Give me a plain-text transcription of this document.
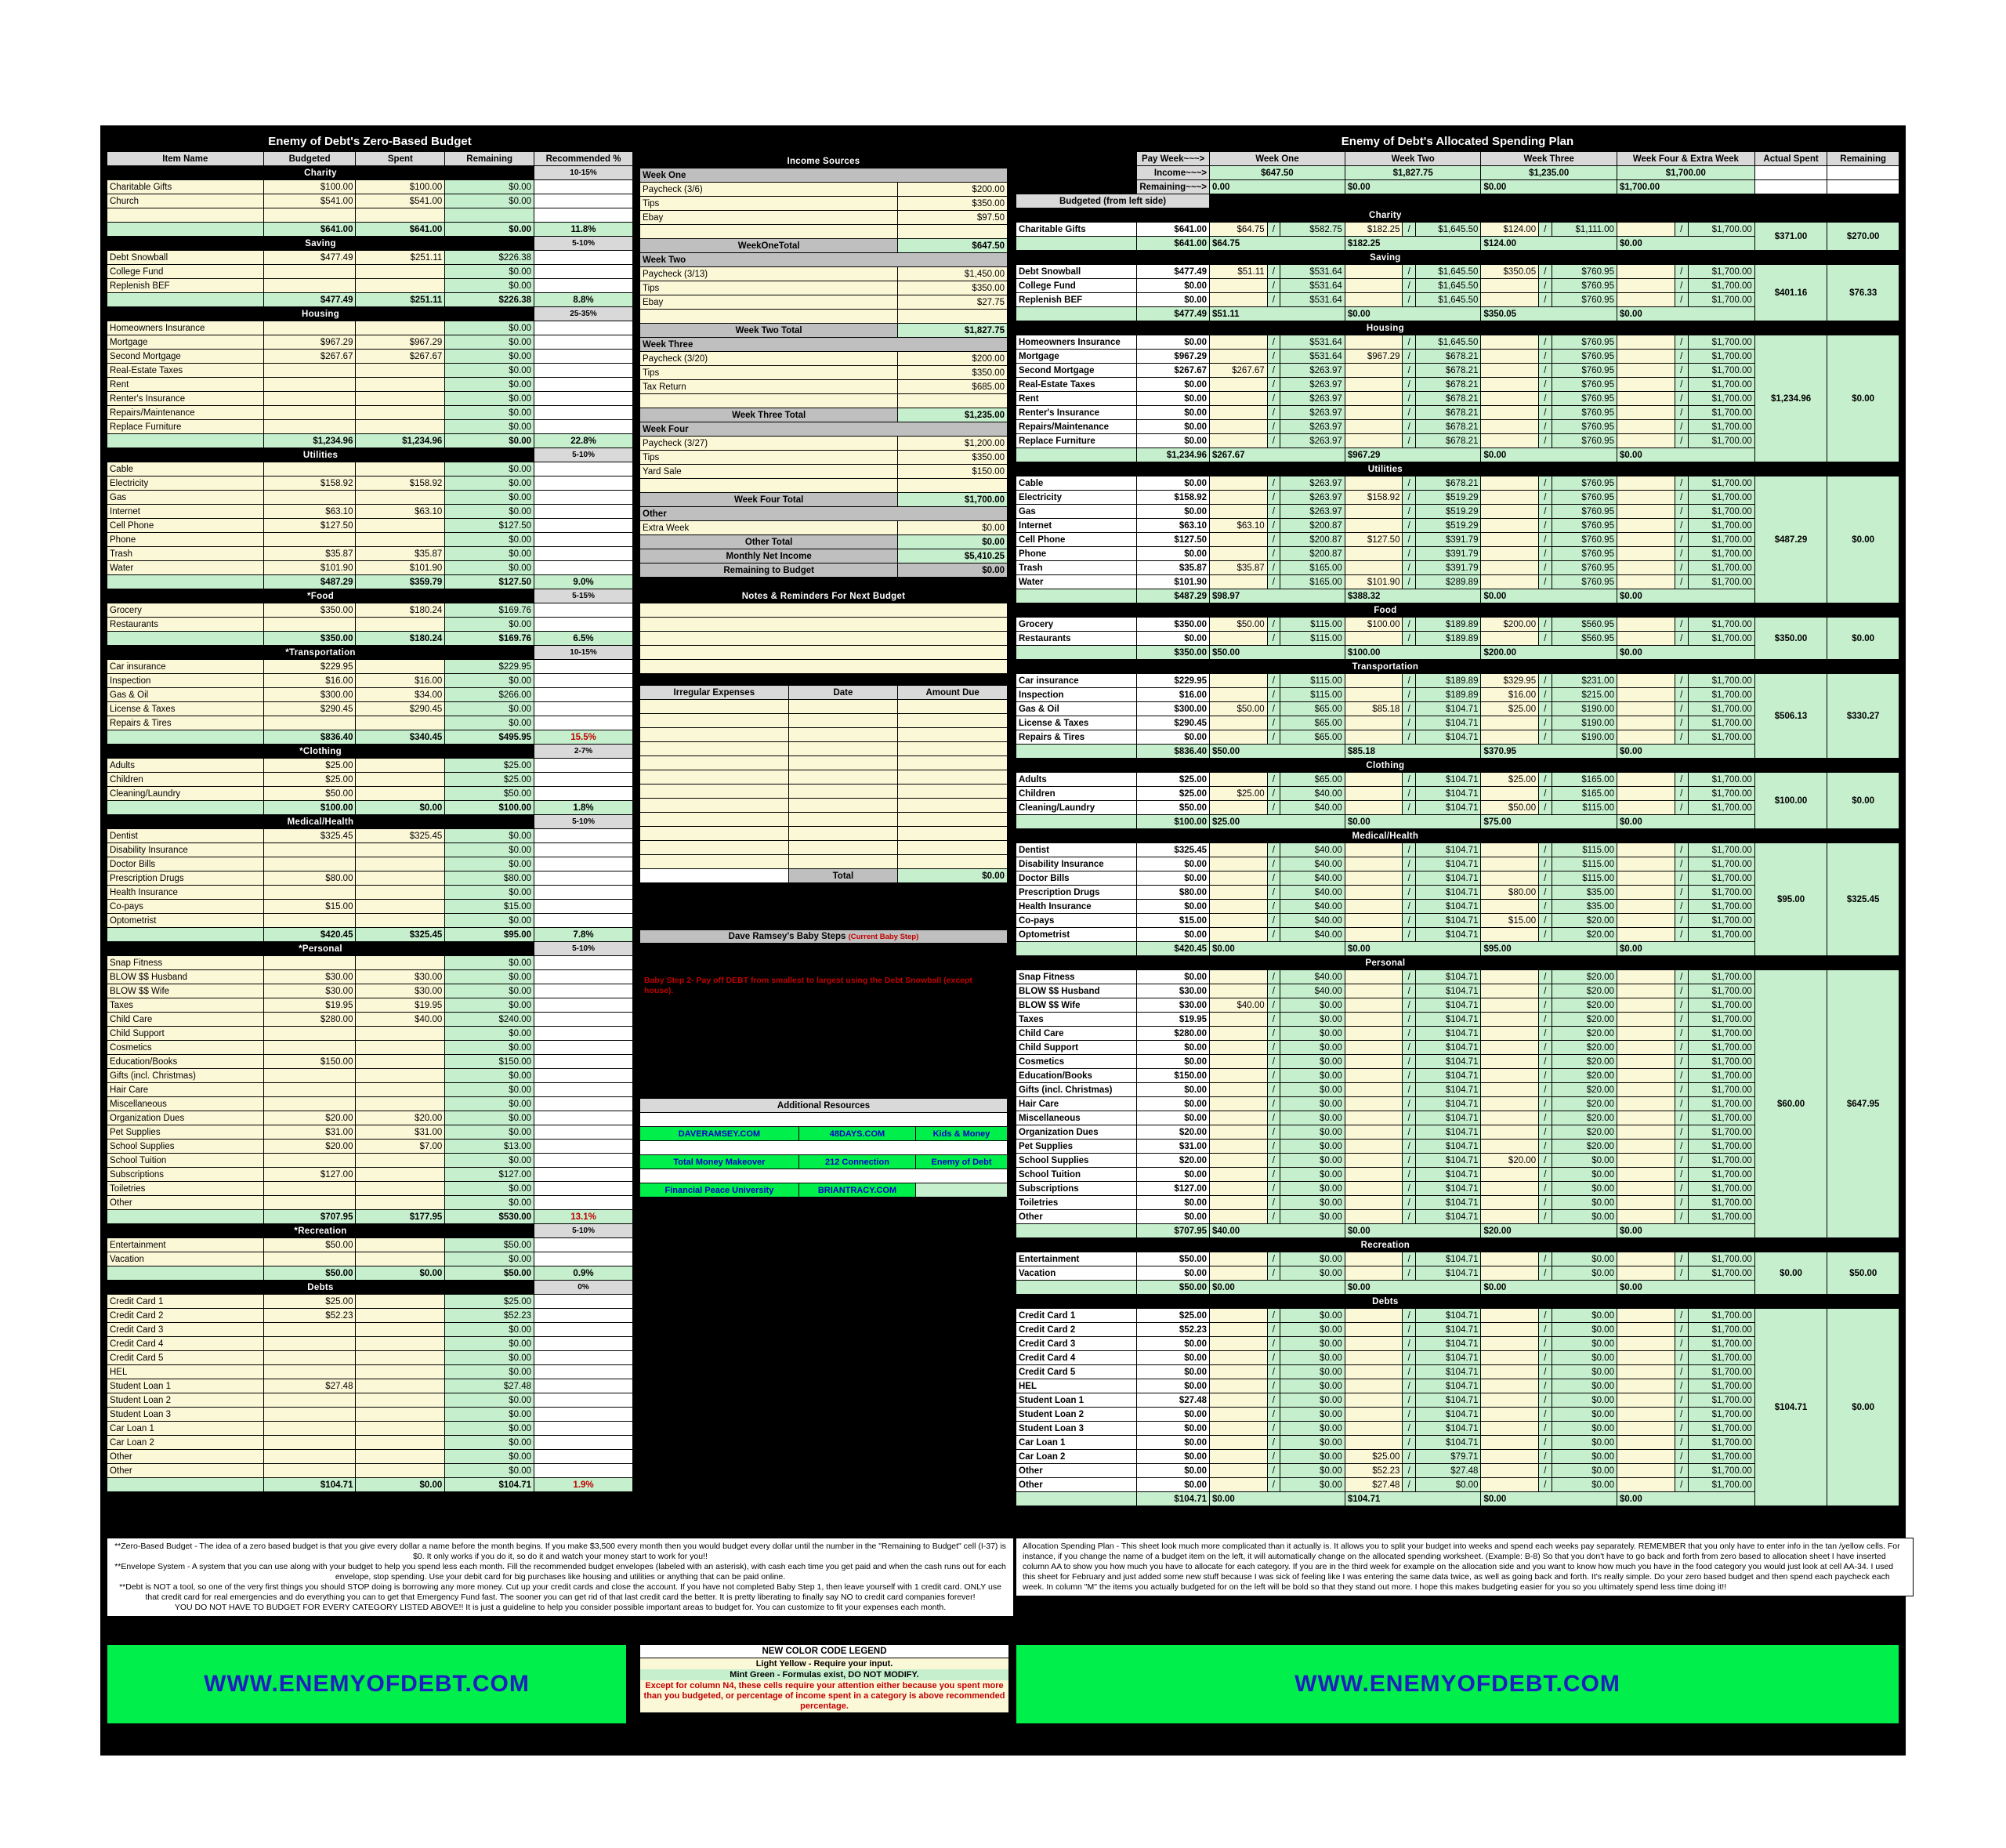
Enemy of Debt's Zero-Based Budget
Item Name	Budgeted	Spent	Remaining	Recommended %
Charity				10-15%
Charitable Gifts	$100.00	$100.00	$0.00	
Church	$541.00	$541.00	$0.00	

	$641.00	$641.00	$0.00	11.8%
Saving				5-10%
Debt Snowball	$477.49	$251.11	$226.38	
College Fund			$0.00	
Replenish BEF			$0.00	
	$477.49	$251.11	$226.38	8.8%
Housing				25-35%
Homeowners Insurance			$0.00	
Mortgage	$967.29	$967.29	$0.00	
Second Mortgage	$267.67	$267.67	$0.00	
Real-Estate Taxes			$0.00	
Rent			$0.00	
Renter's Insurance			$0.00	
Repairs/Maintenance			$0.00	
Replace Furniture			$0.00	
	$1,234.96	$1,234.96	$0.00	22.8%
Utilities				5-10%
Cable			$0.00	
Electricity	$158.92	$158.92	$0.00	
Gas			$0.00	
Internet	$63.10	$63.10	$0.00	
Cell Phone	$127.50		$127.50	
Phone			$0.00	
Trash	$35.87	$35.87	$0.00	
Water	$101.90	$101.90	$0.00	
	$487.29	$359.79	$127.50	9.0%
*Food				5-15%
Grocery	$350.00	$180.24	$169.76	
Restaurants			$0.00	
	$350.00	$180.24	$169.76	6.5%
*Transportation				10-15%
Car insurance	$229.95		$229.95	
Inspection	$16.00	$16.00	$0.00	
Gas & Oil	$300.00	$34.00	$266.00	
License & Taxes	$290.45	$290.45	$0.00	
Repairs & Tires			$0.00	
	$836.40	$340.45	$495.95	15.5%
*Clothing				2-7%
Adults	$25.00		$25.00	
Children	$25.00		$25.00	
Cleaning/Laundry	$50.00		$50.00	
	$100.00	$0.00	$100.00	1.8%
Medical/Health				5-10%
Dentist	$325.45	$325.45	$0.00	
Disability Insurance			$0.00	
Doctor Bills			$0.00	
Prescription Drugs	$80.00		$80.00	
Health Insurance			$0.00	
Co-pays	$15.00		$15.00	
Optometrist			$0.00	
	$420.45	$325.45	$95.00	7.8%
*Personal				5-10%
Snap Fitness			$0.00	
BLOW $$ Husband	$30.00	$30.00	$0.00	
BLOW $$ Wife	$30.00	$30.00	$0.00	
Taxes	$19.95	$19.95	$0.00	
Child Care	$280.00	$40.00	$240.00	
Child Support			$0.00	
Cosmetics			$0.00	
Education/Books	$150.00		$150.00	
Gifts (incl. Christmas)			$0.00	
Hair Care			$0.00	
Miscellaneous			$0.00	
Organization Dues	$20.00	$20.00	$0.00	
Pet Supplies	$31.00	$31.00	$0.00	
School Supplies	$20.00	$7.00	$13.00	
School Tuition			$0.00	
Subscriptions	$127.00		$127.00	
Toiletries			$0.00	
Other			$0.00	
	$707.95	$177.95	$530.00	13.1%
*Recreation				5-10%
Entertainment	$50.00		$50.00	
Vacation			$0.00	
	$50.00	$0.00	$50.00	0.9%
Debts				0%
Credit Card 1	$25.00		$25.00	
Credit Card 2	$52.23		$52.23	
Credit Card 3			$0.00	
Credit Card 4			$0.00	
Credit Card 5			$0.00	
HEL			$0.00	
Student Loan 1	$27.48		$27.48	
Student Loan 2			$0.00	
Student Loan 3			$0.00	
Car Loan 1			$0.00	
Car Loan 2			$0.00	
Other			$0.00	
Other			$0.00	
	$104.71	$0.00	$104.71	1.9%
Income Sources	
Week One	
Paycheck (3/6)	$200.00
Tips	$350.00
Ebay	$97.50

WeekOneTotal	$647.50
Week Two	
Paycheck (3/13)	$1,450.00
Tips	$350.00
Ebay	$27.75

Week Two Total	$1,827.75
Week Three	
Paycheck (3/20)	$200.00
Tips	$350.00
Tax Return	$685.00

Week Three Total	$1,235.00
Week Four	
Paycheck (3/27)	$1,200.00
Tips	$350.00
Yard Sale	$150.00

Week Four Total	$1,700.00
Other	
Extra Week	$0.00
Other Total	$0.00
Monthly Net Income	$5,410.25
Remaining to Budget	$0.00
Notes & Reminders For Next Budget

Irregular Expenses	Date	Amount Due

	Total	$0.00
**Irregular Expenses - These items can kill any budget. Make sure you plan ahead for them. I placed this here as a reminder. Be sure to add items to Lump Sum Payment Worksheet located in the Savings tab.
Dave Ramsey's Baby Steps (Current Baby Step)
Baby Step 1- Save $1,000 for your Baby Emergency Fund ($500 if income is less than $20,000 a year)
Baby Step 2- Pay off DEBT from smallest to largest using the Debt Snowball (except house).
Baby Step 3- Fully Fund your Emergency Fund by saving 3/6 months of expenses.
Baby Step 4- Invest 15% of your GROSS income for retirement. (Roth IRA's & Mutual Funds).
Baby Step 5- Start saving for kid's college.
Baby Step 6- Pay off Mortgage early.
Baby Step 7- Build wealth, give, and enjoy Financial Peace!
Additional Resources		

DAVERAMSEY.COM	48DAYS.COM	Kids & Money

Total Money Makeover	212 Connection	Enemy of Debt

Financial Peace University	BRIANTRACY.COM	
Enemy of Debt's Allocated Spending Plan
	Pay Week~~~>	Week One			Week Two			Week Three			Week Four & Extra Week			Actual Spent	Remaining
	Income~~~>	$647.50			$1,827.75			$1,235.00			$1,700.00				
	Remaining~~~>	0.00			$0.00			$0.00			$1,700.00				
Budgeted (from left side)															
Charity															
Charitable Gifts	$641.00	$64.75	/	$582.75	$182.25	/	$1,645.50	$124.00	/	$1,111.00		/	$1,700.00	$371.00	$270.00
	$641.00	$64.75			$182.25			$124.00			$0.00				
Saving															
Debt Snowball	$477.49	$51.11	/	$531.64		/	$1,645.50	$350.05	/	$760.95		/	$1,700.00	$401.16	$76.33
College Fund	$0.00		/	$531.64		/	$1,645.50		/	$760.95		/	$1,700.00		
Replenish BEF	$0.00		/	$531.64		/	$1,645.50		/	$760.95		/	$1,700.00		
	$477.49	$51.11			$0.00			$350.05			$0.00				
Housing															
Homeowners Insurance	$0.00		/	$531.64		/	$1,645.50		/	$760.95		/	$1,700.00	$1,234.96	$0.00
Mortgage	$967.29		/	$531.64	$967.29	/	$678.21		/	$760.95		/	$1,700.00		
Second Mortgage	$267.67	$267.67	/	$263.97		/	$678.21		/	$760.95		/	$1,700.00		
Real-Estate Taxes	$0.00		/	$263.97		/	$678.21		/	$760.95		/	$1,700.00		
Rent	$0.00		/	$263.97		/	$678.21		/	$760.95		/	$1,700.00		
Renter's Insurance	$0.00		/	$263.97		/	$678.21		/	$760.95		/	$1,700.00		
Repairs/Maintenance	$0.00		/	$263.97		/	$678.21		/	$760.95		/	$1,700.00		
Replace Furniture	$0.00		/	$263.97		/	$678.21		/	$760.95		/	$1,700.00		
	$1,234.96	$267.67			$967.29			$0.00			$0.00				
Utilities															
Cable	$0.00		/	$263.97		/	$678.21		/	$760.95		/	$1,700.00	$487.29	$0.00
Electricity	$158.92		/	$263.97	$158.92	/	$519.29		/	$760.95		/	$1,700.00		
Gas	$0.00		/	$263.97		/	$519.29		/	$760.95		/	$1,700.00		
Internet	$63.10	$63.10	/	$200.87		/	$519.29		/	$760.95		/	$1,700.00		
Cell Phone	$127.50		/	$200.87	$127.50	/	$391.79		/	$760.95		/	$1,700.00		
Phone	$0.00		/	$200.87		/	$391.79		/	$760.95		/	$1,700.00		
Trash	$35.87	$35.87	/	$165.00		/	$391.79		/	$760.95		/	$1,700.00		
Water	$101.90		/	$165.00	$101.90	/	$289.89		/	$760.95		/	$1,700.00		
	$487.29	$98.97			$388.32			$0.00			$0.00				
Food															
Grocery	$350.00	$50.00	/	$115.00	$100.00	/	$189.89	$200.00	/	$560.95		/	$1,700.00	$350.00	$0.00
Restaurants	$0.00		/	$115.00		/	$189.89		/	$560.95		/	$1,700.00		
	$350.00	$50.00			$100.00			$200.00			$0.00				
Transportation															
Car insurance	$229.95		/	$115.00		/	$189.89	$329.95	/	$231.00		/	$1,700.00	$506.13	$330.27
Inspection	$16.00		/	$115.00		/	$189.89	$16.00	/	$215.00		/	$1,700.00		
Gas & Oil	$300.00	$50.00	/	$65.00	$85.18	/	$104.71	$25.00	/	$190.00		/	$1,700.00		
License & Taxes	$290.45		/	$65.00		/	$104.71		/	$190.00		/	$1,700.00		
Repairs & Tires	$0.00		/	$65.00		/	$104.71		/	$190.00		/	$1,700.00		
	$836.40	$50.00			$85.18			$370.95			$0.00				
Clothing															
Adults	$25.00		/	$65.00		/	$104.71	$25.00	/	$165.00		/	$1,700.00	$100.00	$0.00
Children	$25.00	$25.00	/	$40.00		/	$104.71		/	$165.00		/	$1,700.00		
Cleaning/Laundry	$50.00		/	$40.00		/	$104.71	$50.00	/	$115.00		/	$1,700.00		
	$100.00	$25.00			$0.00			$75.00			$0.00				
Medical/Health															
Dentist	$325.45		/	$40.00		/	$104.71		/	$115.00		/	$1,700.00	$95.00	$325.45
Disability Insurance	$0.00		/	$40.00		/	$104.71		/	$115.00		/	$1,700.00		
Doctor Bills	$0.00		/	$40.00		/	$104.71		/	$115.00		/	$1,700.00		
Prescription Drugs	$80.00		/	$40.00		/	$104.71	$80.00	/	$35.00		/	$1,700.00		
Health Insurance	$0.00		/	$40.00		/	$104.71		/	$35.00		/	$1,700.00		
Co-pays	$15.00		/	$40.00		/	$104.71	$15.00	/	$20.00		/	$1,700.00		
Optometrist	$0.00		/	$40.00		/	$104.71		/	$20.00		/	$1,700.00		
	$420.45	$0.00			$0.00			$95.00			$0.00				
Personal															
Snap Fitness	$0.00		/	$40.00		/	$104.71		/	$20.00		/	$1,700.00	$60.00	$647.95
BLOW $$ Husband	$30.00		/	$40.00		/	$104.71		/	$20.00		/	$1,700.00		
BLOW $$ Wife	$30.00	$40.00	/	$0.00		/	$104.71		/	$20.00		/	$1,700.00		
Taxes	$19.95		/	$0.00		/	$104.71		/	$20.00		/	$1,700.00		
Child Care	$280.00		/	$0.00		/	$104.71		/	$20.00		/	$1,700.00		
Child Support	$0.00		/	$0.00		/	$104.71		/	$20.00		/	$1,700.00		
Cosmetics	$0.00		/	$0.00		/	$104.71		/	$20.00		/	$1,700.00		
Education/Books	$150.00		/	$0.00		/	$104.71		/	$20.00		/	$1,700.00		
Gifts (incl. Christmas)	$0.00		/	$0.00		/	$104.71		/	$20.00		/	$1,700.00		
Hair Care	$0.00		/	$0.00		/	$104.71		/	$20.00		/	$1,700.00		
Miscellaneous	$0.00		/	$0.00		/	$104.71		/	$20.00		/	$1,700.00		
Organization Dues	$20.00		/	$0.00		/	$104.71		/	$20.00		/	$1,700.00		
Pet Supplies	$31.00		/	$0.00		/	$104.71		/	$20.00		/	$1,700.00		
School Supplies	$20.00		/	$0.00		/	$104.71	$20.00	/	$0.00		/	$1,700.00		
School Tuition	$0.00		/	$0.00		/	$104.71		/	$0.00		/	$1,700.00		
Subscriptions	$127.00		/	$0.00		/	$104.71		/	$0.00		/	$1,700.00		
Toiletries	$0.00		/	$0.00		/	$104.71		/	$0.00		/	$1,700.00		
Other	$0.00		/	$0.00		/	$104.71		/	$0.00		/	$1,700.00		
	$707.95	$40.00			$0.00			$20.00			$0.00				
Recreation															
Entertainment	$50.00		/	$0.00		/	$104.71		/	$0.00		/	$1,700.00	$0.00	$50.00
Vacation	$0.00		/	$0.00		/	$104.71		/	$0.00		/	$1,700.00		
	$50.00	$0.00			$0.00			$0.00			$0.00				
Debts															
Credit Card 1	$25.00		/	$0.00		/	$104.71		/	$0.00		/	$1,700.00	$104.71	$0.00
Credit Card 2	$52.23		/	$0.00		/	$104.71		/	$0.00		/	$1,700.00		
Credit Card 3	$0.00		/	$0.00		/	$104.71		/	$0.00		/	$1,700.00		
Credit Card 4	$0.00		/	$0.00		/	$104.71		/	$0.00		/	$1,700.00		
Credit Card 5	$0.00		/	$0.00		/	$104.71		/	$0.00		/	$1,700.00		
HEL	$0.00		/	$0.00		/	$104.71		/	$0.00		/	$1,700.00		
Student Loan 1	$27.48		/	$0.00		/	$104.71		/	$0.00		/	$1,700.00		
Student Loan 2	$0.00		/	$0.00		/	$104.71		/	$0.00		/	$1,700.00		
Student Loan 3	$0.00		/	$0.00		/	$104.71		/	$0.00		/	$1,700.00		
Car Loan 1	$0.00		/	$0.00		/	$104.71		/	$0.00		/	$1,700.00		
Car Loan 2	$0.00		/	$0.00	$25.00	/	$79.71		/	$0.00		/	$1,700.00		
Other	$0.00		/	$0.00	$52.23	/	$27.48		/	$0.00		/	$1,700.00		
Other	$0.00		/	$0.00	$27.48	/	$0.00		/	$0.00		/	$1,700.00		
	$104.71	$0.00			$104.71			$0.00			$0.00				
**Zero-Based Budget - The idea of a zero based budget is that you give every dollar a name before the month begins. If you make $3,500 every month then you would budget every dollar until the number in the "Remaining to Budget" cell (I-37) is $0. It only works if you do it, so do it and watch your money start to work for you!!
**Envelope System - A system that you can use along with your budget to help you spend less each month. Fill the recommended budget envelopes (labeled with an asterisk), with cash each time you get paid and when the cash runs out for each envelope, stop spending. Use your debit card for big purchases like housing and utilities or anything that can be paid online.
**Debt is NOT a tool, so one of the very first things you should STOP doing is borrowing any more money. Cut up your credit cards and close the account. If you have not completed Baby Step 1, then leave yourself with 1 credit card. ONLY use that credit card for real emergencies and do everything you can to get that Emergency Fund fast. The sooner you can get rid of that last credit card the better. It is pretty liberating to finally say NO to credit card companies forever!
YOU DO NOT HAVE TO BUDGET FOR EVERY CATEGORY LISTED ABOVE!! It is just a guideline to help you consider possible important areas to budget for. You can customize to fit your expenses each month.
Allocation Spending Plan - This sheet look much more complicated than it actually is. It allows you to split your budget into weeks and spend each weeks pay separately. REMEMBER that you only have to enter info in the tan /yellow cells. For instance, if you change the name of a budget item on the left, it will automatically change on the allocated spending worksheet. (Example: B-8) So that you don't have to go back and forth from zero based to allocation sheet I have inserted column AA to show you how much you have to allocate for each category. If you are in the third week for example on the allocation side and you want to know how much you have in the food category you would just look at cell AA-34. I used this sheet for February and just added some new stuff because I was sick of feeling like I was entering the same data twice, as well as going back and forth. It's really simple. Do your zero based budget and then spend each paycheck each week. In column "M" the items you actually budgeted for on the left will be bold so that they stand out more. I hope this makes budgeting easier for you so you ultimately spend less time doing it!!
WWW.ENEMYOFDEBT.COM
NEW COLOR CODE LEGEND
Light Yellow - Require your input.
Mint Green - Formulas exist, DO NOT MODIFY.
Except for column N4, these cells require your attention either because you spent more than you budgeted, or percentage of income spent in a category is above recommended percentage.
WWW.ENEMYOFDEBT.COM
